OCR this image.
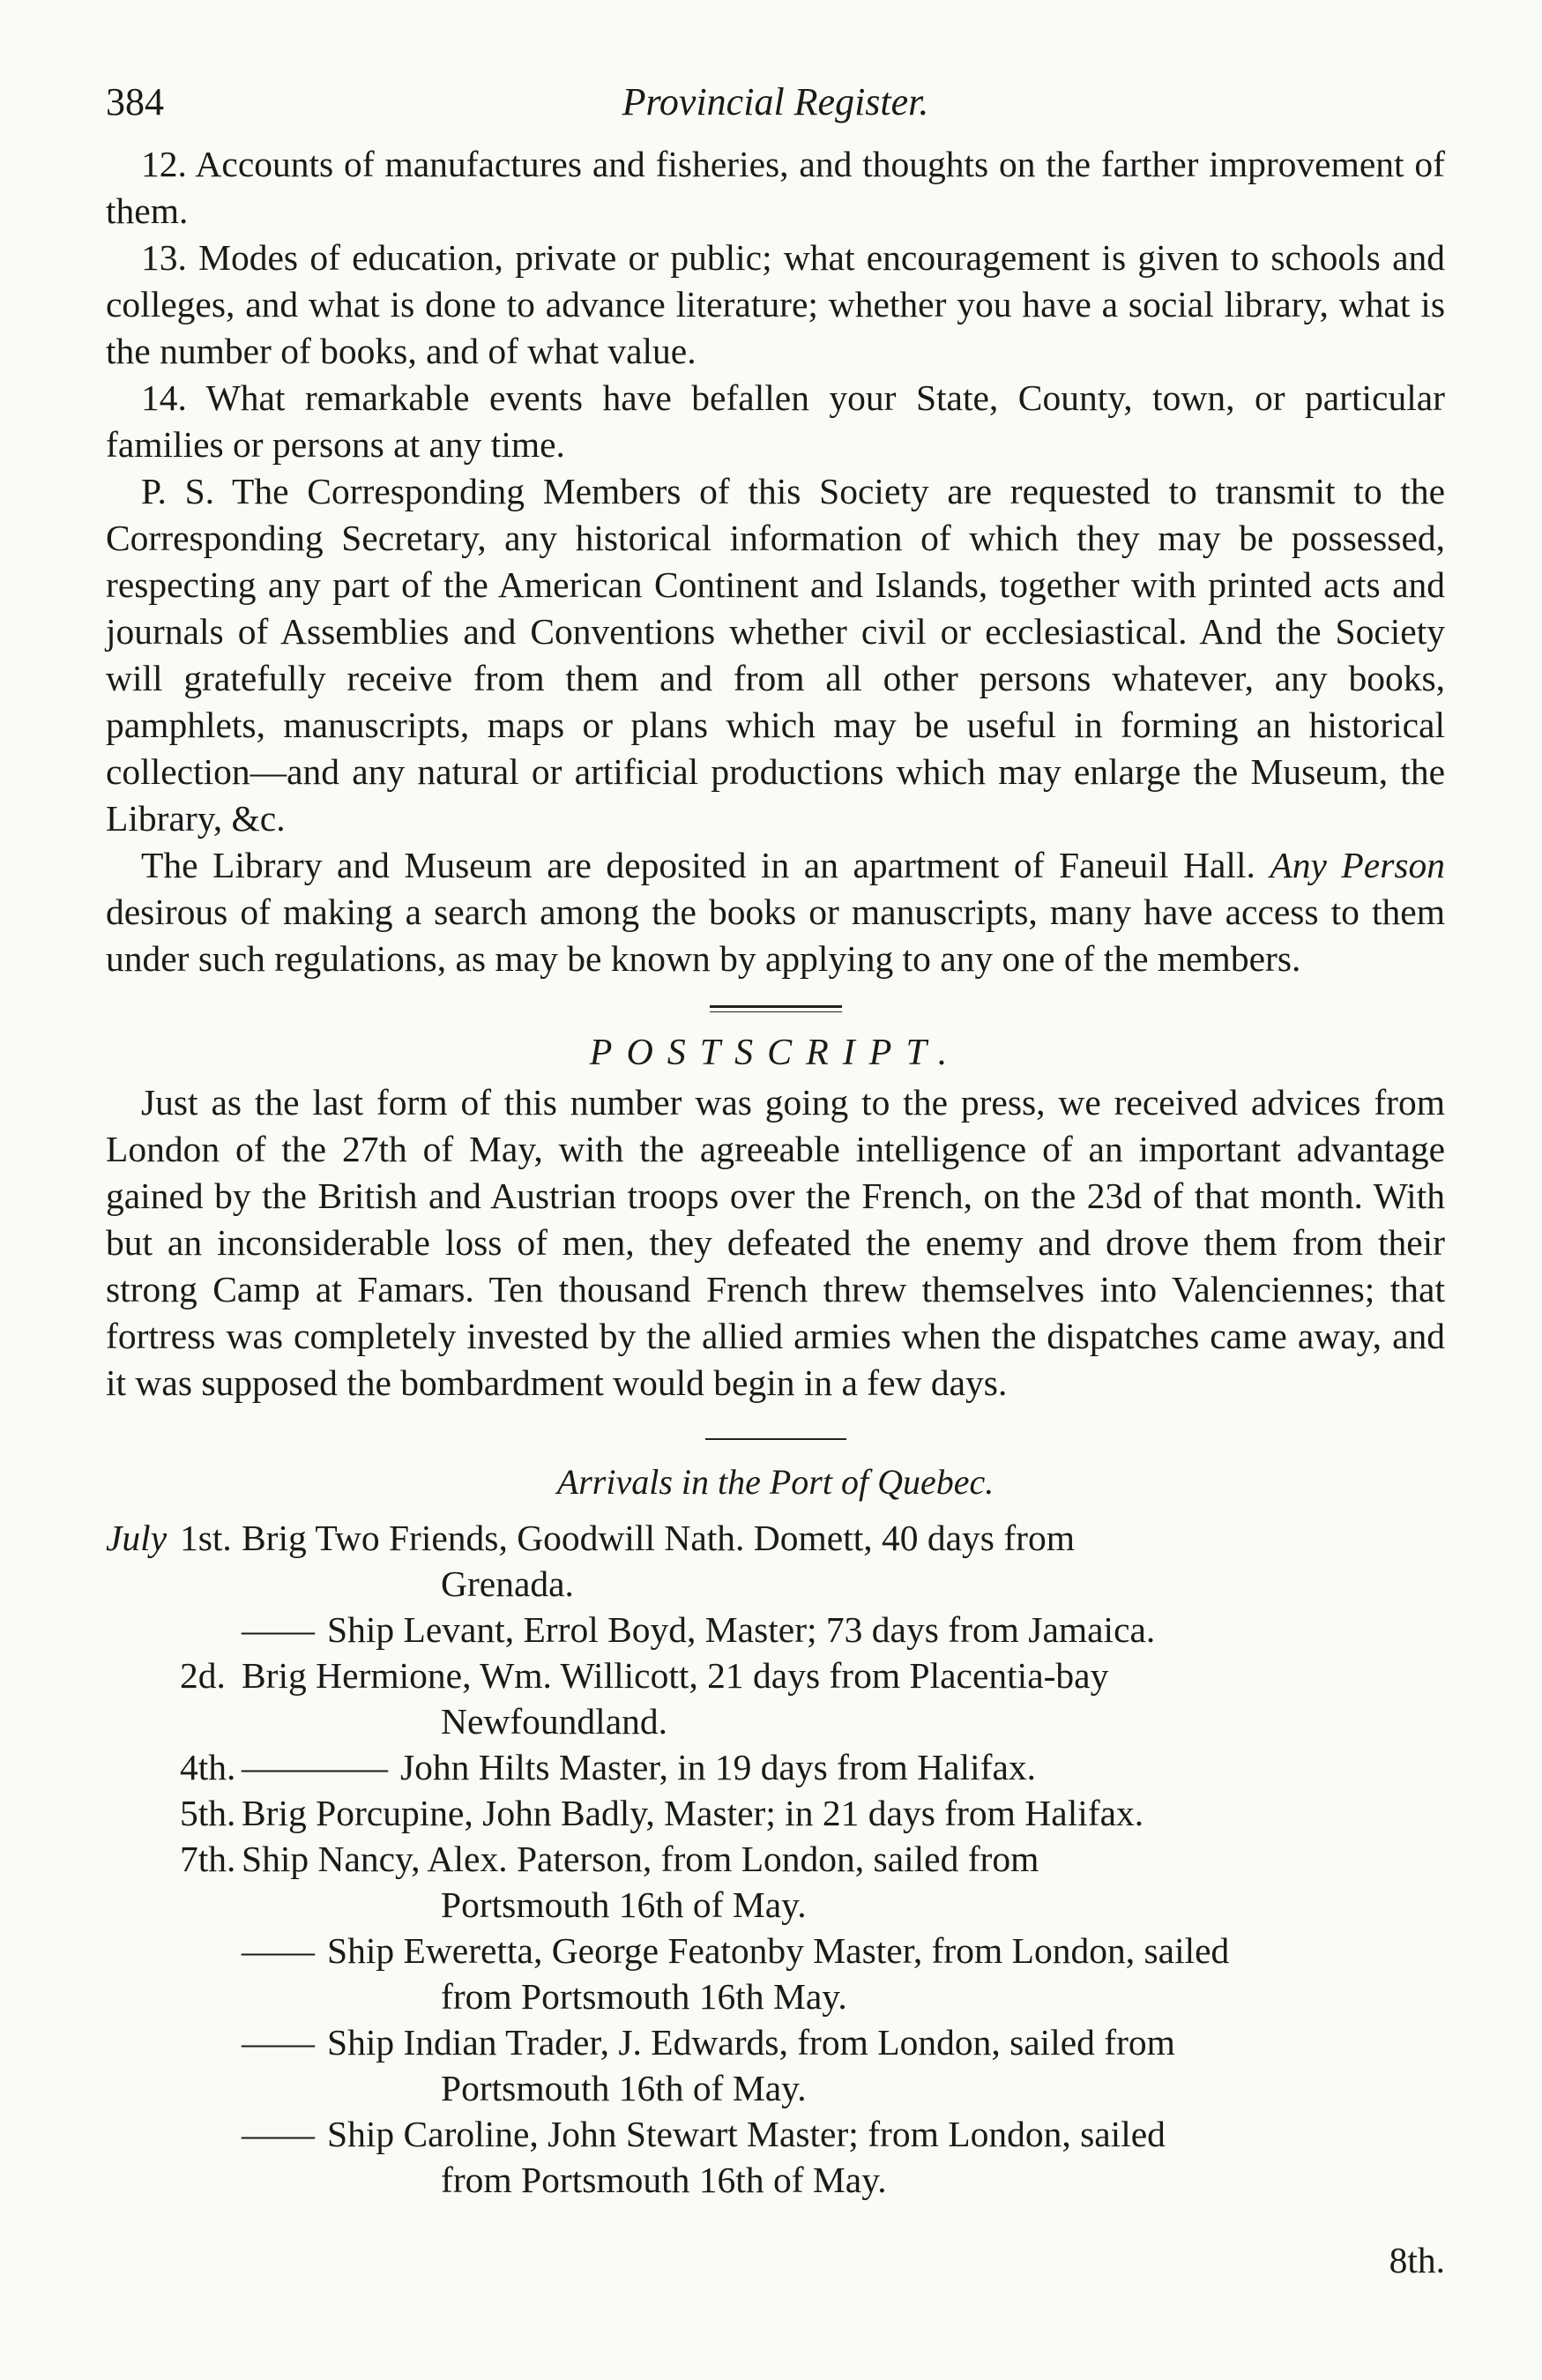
384	Provincial Register.

12. Accounts of manufactures and fisheries, and thoughts on the farther improvement of them.

13. Modes of education, private or public; what encouragement is given to schools and colleges, and what is done to advance literature; whether you have a social library, what is the number of books, and of what value.

14. What remarkable events have befallen your State, County, town, or particular families or persons at any time.

P. S. The Corresponding Members of this Society are requested to transmit to the Corresponding Secretary, any historical information of which they may be possessed, respecting any part of the American Continent and Islands, together with printed acts and journals of Assemblies and Conventions whether civil or ecclesiastical. And the Society will gratefully receive from them and from all other persons whatever, any books, pamphlets, manuscripts, maps or plans which may be useful in forming an historical collection—and any natural or artificial productions which may enlarge the Museum, the Library, &c.

The Library and Museum are deposited in an apartment of Faneuil Hall. Any Person desirous of making a search among the books or manuscripts, many have access to them under such regulations, as may be known by applying to any one of the members.

POSTSCRIPT.

Just as the last form of this number was going to the press, we received advices from London of the 27th of May, with the agreeable intelligence of an important advantage gained by the British and Austrian troops over the French, on the 23d of that month. With but an inconsiderable loss of men, they defeated the enemy and drove them from their strong Camp at Famars. Ten thousand French threw themselves into Valenciennes; that fortress was completely invested by the allied armies when the dispatches came away, and it was supposed the bombardment would begin in a few days.

Arrivals in the Port of Quebec.
July 1st. Brig Two Friends, Goodwill Nath. Domett, 40 days from
Grenada.
—— Ship Levant, Errol Boyd, Master; 73 days from Jamaica.
2d. Brig Hermione, Wm. Willicott, 21 days from Placentia-bay
Newfoundland.
4th. ———— John Hilts Master, in 19 days from Halifax.
5th. Brig Porcupine, John Badly, Master; in 21 days from Halifax.
7th. Ship Nancy, Alex. Paterson, from London, sailed from
Portsmouth 16th of May.
—— Ship Ewerettа, George Featonby Master, from London, sailed
from Portsmouth 16th May.
—— Ship Indian Trader, J. Edwards, from London, sailed from
Portsmouth 16th of May.
—— Ship Caroline, John Stewart Master; from London, sailed
from Portsmouth 16th of May.
8th.
